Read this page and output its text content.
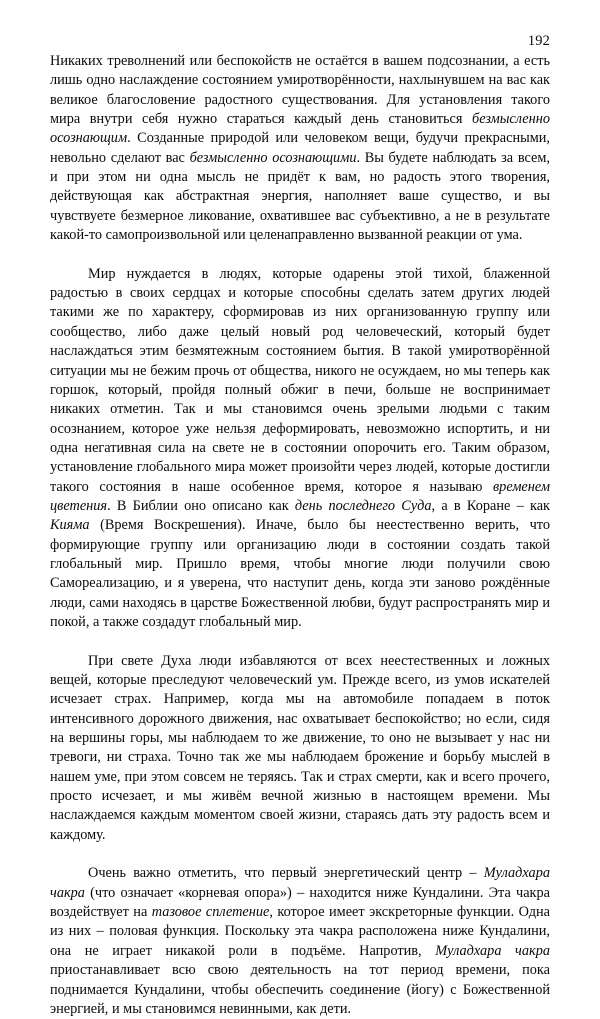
192

Никаких треволнений или беспокойств не остаётся в вашем подсознании, а есть лишь одно наслаждение состоянием умиротворённости, нахлынувшем на вас как великое благословение радостного существования. Для установления такого мира внутри себя нужно стараться каждый день становиться безмысленно осознающим. Созданные природой или человеком вещи, будучи прекрасными, невольно сделают вас безмысленно осознающими. Вы будете наблюдать за всем, и при этом ни одна мысль не придёт к вам, но радость этого творения, действующая как абстрактная энергия, наполняет ваше существо, и вы чувствуете безмерное ликование, охватившее вас субъективно, а не в результате какой-то самопроизвольной или целенаправленно вызванной реакции от ума.

Мир нуждается в людях, которые одарены этой тихой, блаженной радостью в своих сердцах и которые способны сделать затем других людей такими же по характеру, сформировав из них организованную группу или сообщество, либо даже целый новый род человеческий, который будет наслаждаться этим безмятежным состоянием бытия. В такой умиротворённой ситуации мы не бежим прочь от общества, никого не осуждаем, но мы теперь как горшок, который, пройдя полный обжиг в печи, больше не воспринимает никаких отметин. Так и мы становимся очень зрелыми людьми с таким осознанием, которое уже нельзя деформировать, невозможно испортить, и ни одна негативная сила на свете не в состоянии опорочить его. Таким образом, установление глобального мира может произойти через людей, которые достигли такого состояния в наше особенное время, которое я называю временем цветения. В Библии оно описано как день последнего Суда, а в Коране – как Кияма (Время Воскрешения). Иначе, было бы неестественно верить, что формирующие группу или организацию люди в состоянии создать такой глобальный мир. Пришло время, чтобы многие люди получили свою Самореализацию, и я уверена, что наступит день, когда эти заново рождённые люди, сами находясь в царстве Божественной любви, будут распространять мир и покой, а также создадут глобальный мир.

При свете Духа люди избавляются от всех неестественных и ложных вещей, которые преследуют человеческий ум. Прежде всего, из умов искателей исчезает страх. Например, когда мы на автомобиле попадаем в поток интенсивного дорожного движения, нас охватывает беспокойство; но если, сидя на вершины горы, мы наблюдаем то же движение, то оно не вызывает у нас ни тревоги, ни страха. Точно так же мы наблюдаем брожение и борьбу мыслей в нашем уме, при этом совсем не теряясь. Так и страх смерти, как и всего прочего, просто исчезает, и мы живём вечной жизнью в настоящем времени. Мы наслаждаемся каждым моментом своей жизни, стараясь дать эту радость всем и каждому.

Очень важно отметить, что первый энергетический центр – Муладхара чакра (что означает «корневая опора») – находится ниже Кундалини. Эта чакра воздействует на тазовое сплетение, которое имеет экскреторные функции. Одна из них – половая функция. Поскольку эта чакра расположена ниже Кундалини, она не играет никакой роли в подъёме. Напротив, Муладхара чакра приостанавливает всю свою деятельность на тот период времени, пока поднимается Кундалини, чтобы обеспечить соединение (йогу) с Божественной энергией, и мы становимся невинными, как дети.
